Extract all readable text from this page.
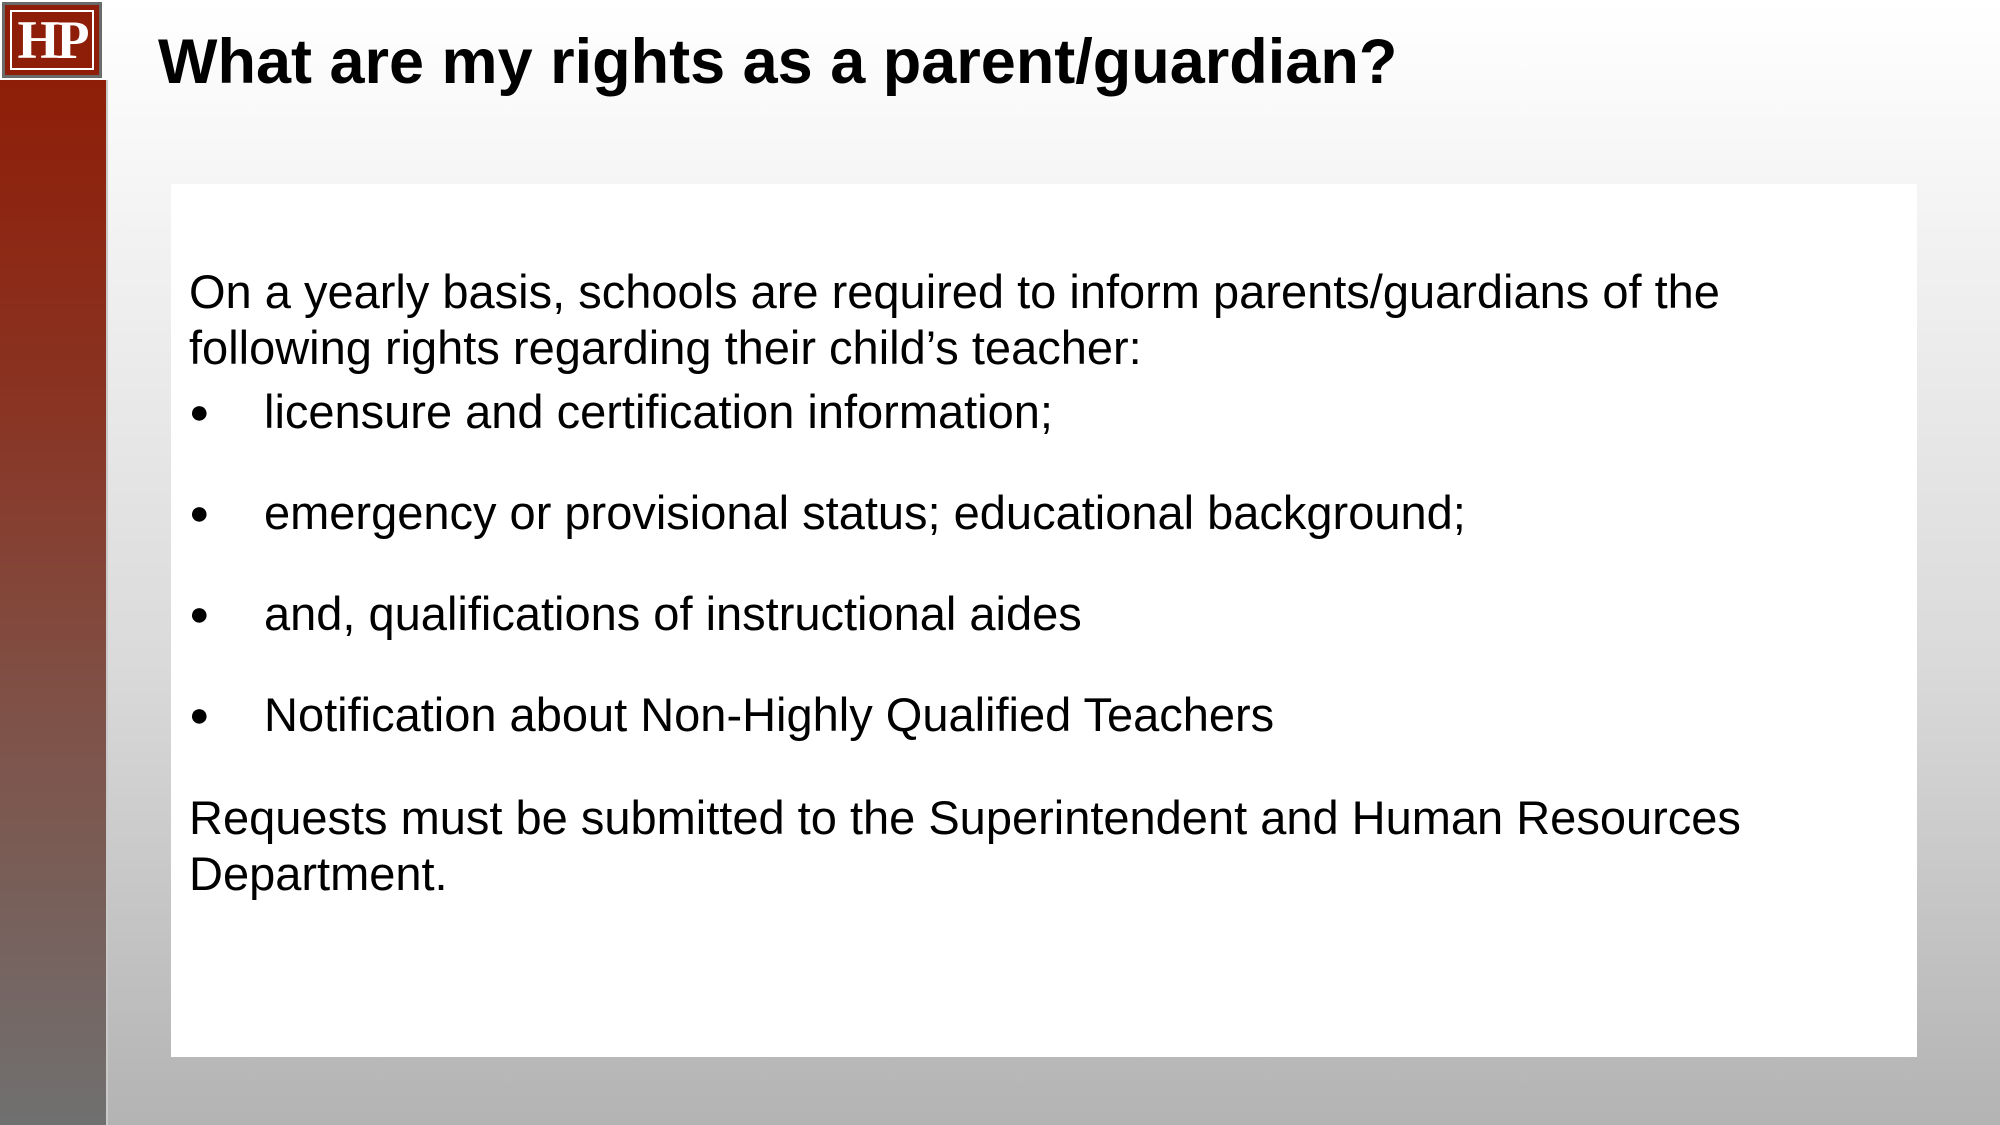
HP What are my rights as a parent/guardian?

On a yearly basis, schools are required to inform parents/guardians of the following rights regarding their child’s teacher:

●	licensure and certification information;
●	emergency or provisional status; educational background;
●	and, qualifications of instructional aides
●	Notification about Non-Highly Qualified Teachers

Requests must be submitted to the Superintendent and Human Resources Department.
